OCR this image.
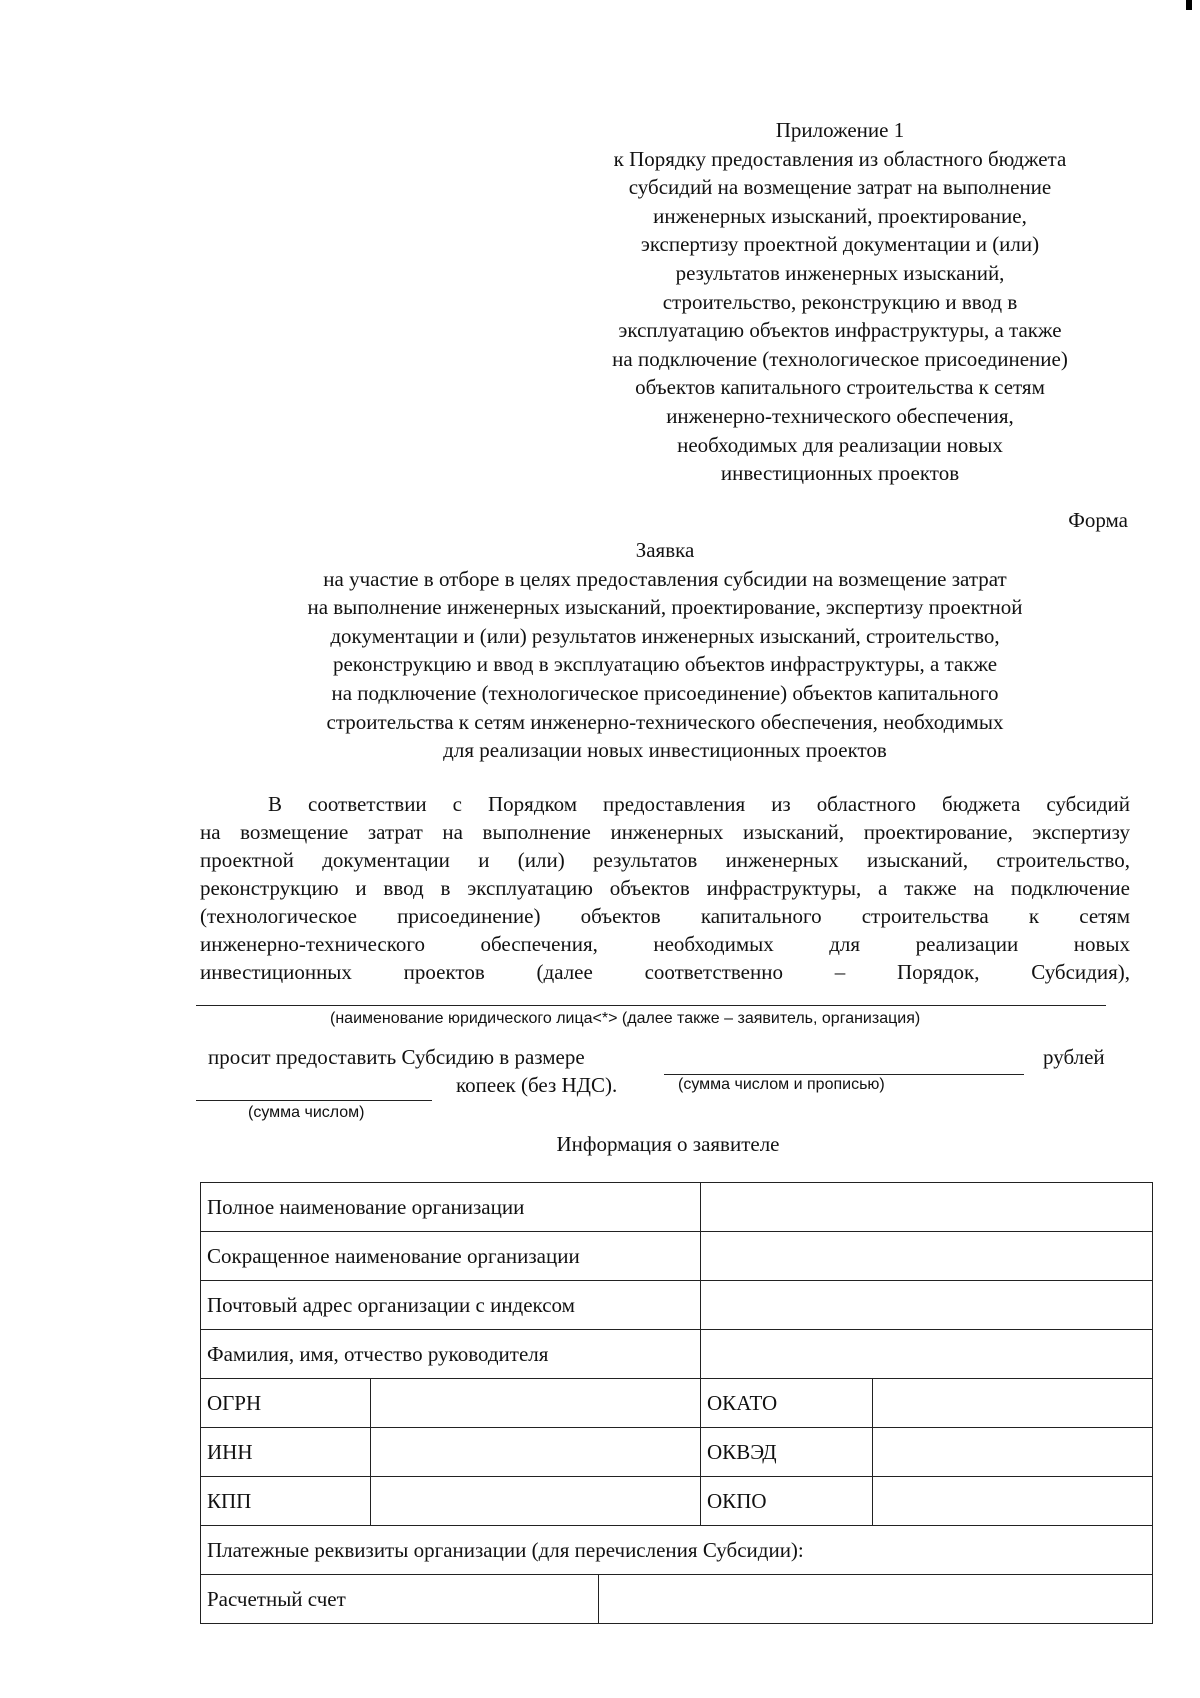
Приложение 1
к Порядку предоставления из областного бюджета
субсидий на возмещение затрат на выполнение
инженерных изысканий, проектирование,
экспертизу проектной документации и (или)
результатов инженерных изысканий,
строительство, реконструкцию и ввод в
эксплуатацию объектов инфраструктуры, а также
на подключение (технологическое присоединение)
объектов капитального строительства к сетям
инженерно-технического обеспечения,
необходимых для реализации новых
инвестиционных проектов
Форма
Заявка
на участие в отборе в целях предоставления субсидии на возмещение затрат
на выполнение инженерных изысканий, проектирование, экспертизу проектной
документации и (или) результатов инженерных изысканий, строительство,
реконструкцию и ввод в эксплуатацию объектов инфраструктуры, а также
на подключение (технологическое присоединение) объектов капитального
строительства к сетям инженерно-технического обеспечения, необходимых
для реализации новых инвестиционных проектов
В соответствии с Порядком предоставления из областного бюджета субсидий
на возмещение затрат на выполнение инженерных изысканий, проектирование, экспертизу
проектной документации и (или) результатов инженерных изысканий, строительство,
реконструкцию и ввод в эксплуатацию объектов инфраструктуры, а также на подключение
(технологическое присоединение) объектов капитального строительства к сетям
инженерно-технического обеспечения, необходимых для реализации новых
инвестиционных проектов (далее соответственно – Порядок, Субсидия),
(наименование юридического лица<*> (далее также – заявитель, организация)
просит предоставить Субсидию в размере	рублей
копеек (без НДС).	(сумма числом и прописью)
(сумма числом)
Информация о заявителе
Полное наименование организации				
Сокращенное наименование организации				
Почтовый адрес организации с индексом				
Фамилия, имя, отчество руководителя				
ОГРН			ОКАТО	
ИНН			ОКВЭД	
КПП			ОКПО	
Платежные реквизиты организации (для перечисления Субсидии):				
Расчетный счет				
